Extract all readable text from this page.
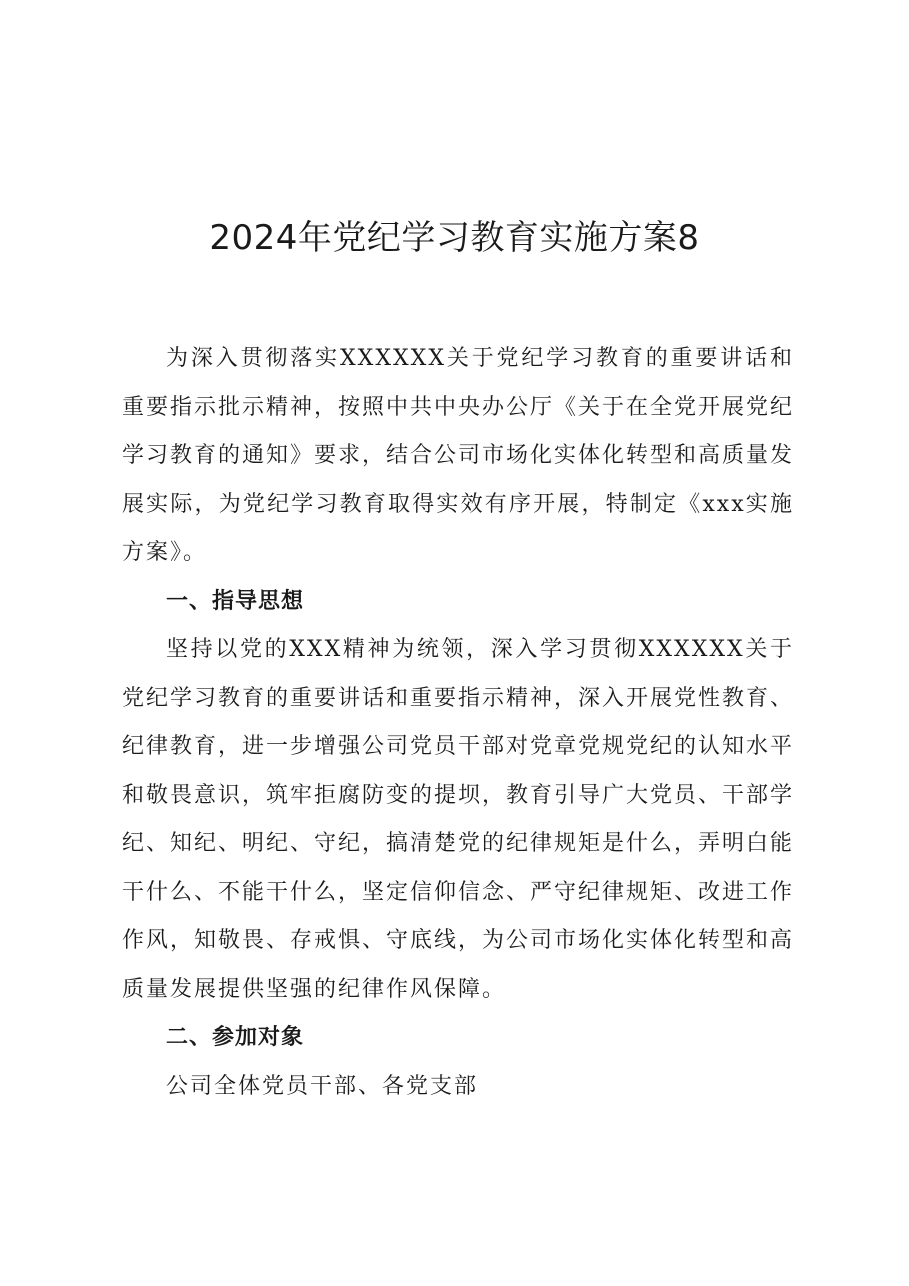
2024年党纪学习教育实施方案8

为深入贯彻落实XXXXXX关于党纪学习教育的重要讲话和重要指示批示精神，按照中共中央办公厅《关于在全党开展党纪学习教育的通知》要求，结合公司市场化实体化转型和高质量发展实际，为党纪学习教育取得实效有序开展，特制定《xxx实施方案》。

一、指导思想

坚持以党的XXX精神为统领，深入学习贯彻XXXXXX关于党纪学习教育的重要讲话和重要指示精神，深入开展党性教育、纪律教育，进一步增强公司党员干部对党章党规党纪的认知水平和敬畏意识，筑牢拒腐防变的提坝，教育引导广大党员、干部学纪、知纪、明纪、守纪，搞清楚党的纪律规矩是什么，弄明白能干什么、不能干什么，坚定信仰信念、严守纪律规矩、改进工作作风，知敬畏、存戒惧、守底线，为公司市场化实体化转型和高质量发展提供坚强的纪律作风保障。

二、参加对象

公司全体党员干部、各党支部
